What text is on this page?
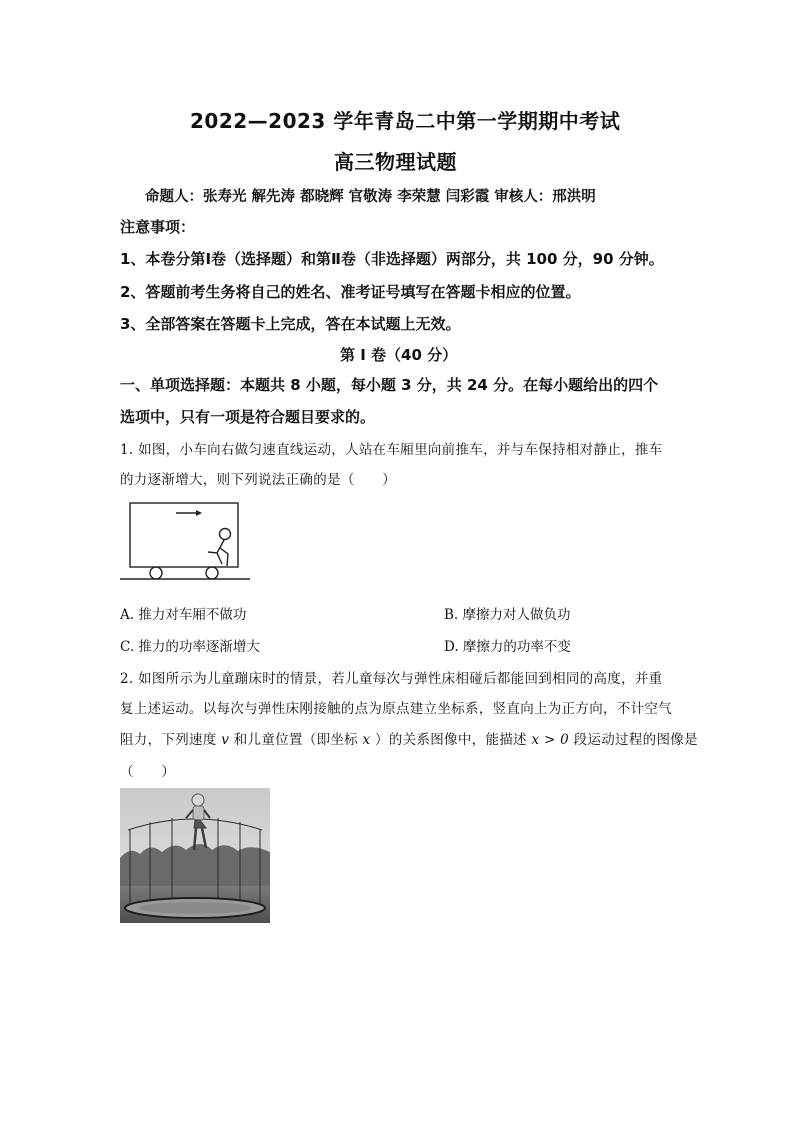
2022—2023 学年青岛二中第一学期期中考试
高三物理试题
命题人：张寿光 解先涛 都晓辉 官敬涛 李荣慧 闫彩霞 审核人：邢洪明
注意事项：
1、本卷分第Ⅰ卷（选择题）和第Ⅱ卷（非选择题）两部分，共 100 分，90 分钟。
2、答题前考生务将自己的姓名、准考证号填写在答题卡相应的位置。
3、全部答案在答题卡上完成，答在本试题上无效。
第 I 卷（40 分）
一、单项选择题：本题共 8 小题，每小题 3 分，共 24 分。在每小题给出的四个
选项中，只有一项是符合题目要求的。
1. 如图，小车向右做匀速直线运动，人站在车厢里向前推车，并与车保持相对静止，推车
的力逐渐增大，则下列说法正确的是（　　）
A. 推力对车厢不做功	B. 摩擦力对人做负功
C. 推力的功率逐渐增大	D. 摩擦力的功率不变
2. 如图所示为儿童蹦床时的情景，若儿童每次与弹性床相碰后都能回到相同的高度，并重
复上述运动。以每次与弹性床刚接触的点为原点建立坐标系，竖直向上为正方向，不计空气
阻力，下列速度 v 和儿童位置（即坐标 x ）的关系图像中，能描述 x > 0 段运动过程的图像是
（　　）
